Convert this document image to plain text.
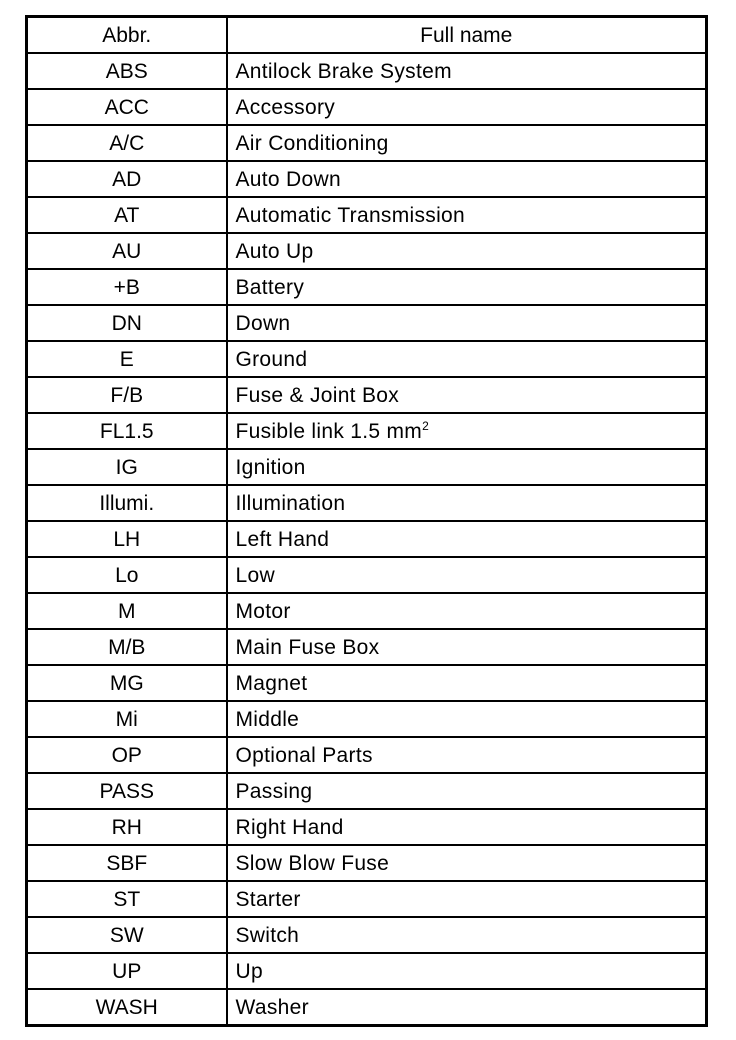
Abbr.	Full name
ABS	Antilock Brake System
ACC	Accessory
A/C	Air Conditioning
AD	Auto Down
AT	Automatic Transmission
AU	Auto Up
+B	Battery
DN	Down
E	Ground
F/B	Fuse & Joint Box
FL1.5	Fusible link 1.5 $mm^2$
IG	Ignition
Illumi.	Illumination
LH	Left Hand
Lo	Low
M	Motor
M/B	Main Fuse Box
MG	Magnet
Mi	Middle
OP	Optional Parts
PASS	Passing
RH	Right Hand
SBF	Slow Blow Fuse
ST	Starter
SW	Switch
UP	Up
WASH	Washer
